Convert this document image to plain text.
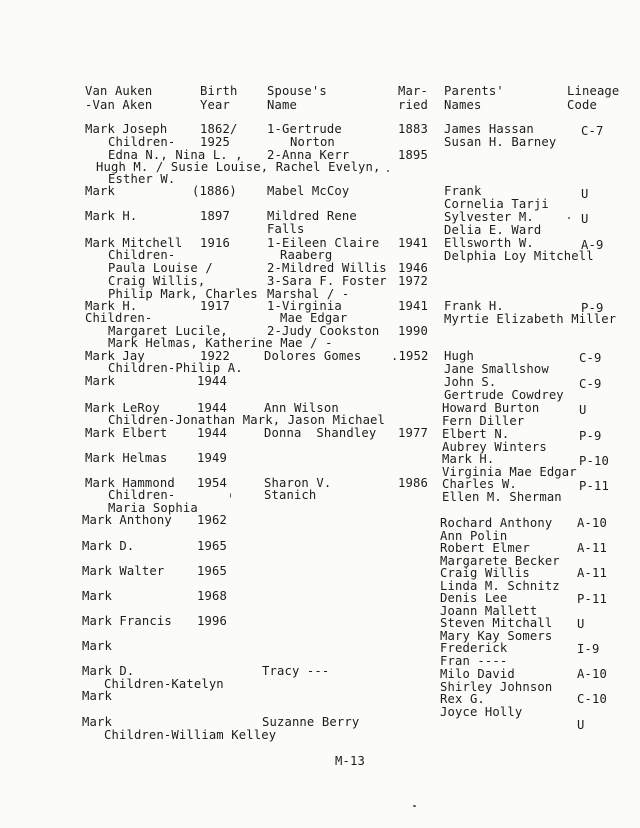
Van Auken
-Van Aken
Birth
Year
Spouse's
Name
Mar-
ried
Parents'
Names
Lineage
Code
Mark Joseph
Children-
Edna N., Nina L. ,
Hugh M. / Susie Louise, Rachel Evelyn,
Esther W.
Mark
Mark H.
Mark Mitchell
Children-
Paula Louise /
Craig Willis,
Philip Mark, Charles
Mark H.
Children-
Margaret Lucile,
Mark Helmas, Katherine Mae / -
Mark Jay
Children-Philip A.
Mark
Mark LeRoy
Children-Jonathan Mark, Jason Michael
Mark Elbert
Mark Helmas
Mark Hammond
Children-
Maria Sophia
Mark Anthony
Mark D.
Mark Walter
Mark
Mark Francis
Mark
Mark D.
Children-Katelyn
Mark
Mark
Children-William Kelley
1862/
1925
(1886)
1897
1916
1917
1922
1944
1944
1944
1949
1954
1962
1965
1965
1968
1996
1-Gertrude
Norton
2-Anna Kerr
Mabel McCoy
Mildred Rene
Falls
1-Eileen Claire
Raaberg
2-Mildred Willis
3-Sara F. Foster
Marshal / -
1-Virginia
Mae Edgar
2-Judy Cookston
Dolores Gomes
Ann Wilson
Donna  Shandley
Sharon V.
Stanich
Tracy ---
Suzanne Berry
1883
1895
1941
1946
1972
1941
1990
.1952
1977
1986
James Hassan
Susan H. Barney
Frank
Cornelia Tarji
Sylvester M.
Delia E. Ward
Ellsworth W.
Delphia Loy Mitchell
Frank H.
Myrtie Elizabeth Miller
Hugh
Jane Smallshow
John S.
Gertrude Cowdrey
Howard Burton
Fern Diller
Elbert N.
Aubrey Winters
Mark H.
Virginia Mae Edgar
Charles W.
Ellen M. Sherman
Rochard Anthony
Ann Polin
Robert Elmer
Margarete Becker
Craig Willis
Linda M. Schnitz
Denis Lee
Joann Mallett
Steven Mitchall
Mary Kay Somers
Frederick
Fran ----
Milo David
Shirley Johnson
Rex G.
Joyce Holly
C-7
U
U
A-9
P-9
C-9
C-9
U
P-9
P-10
P-11
A-10
A-11
A-11
P-11
U
I-9
A-10
C-10
U
M-13
